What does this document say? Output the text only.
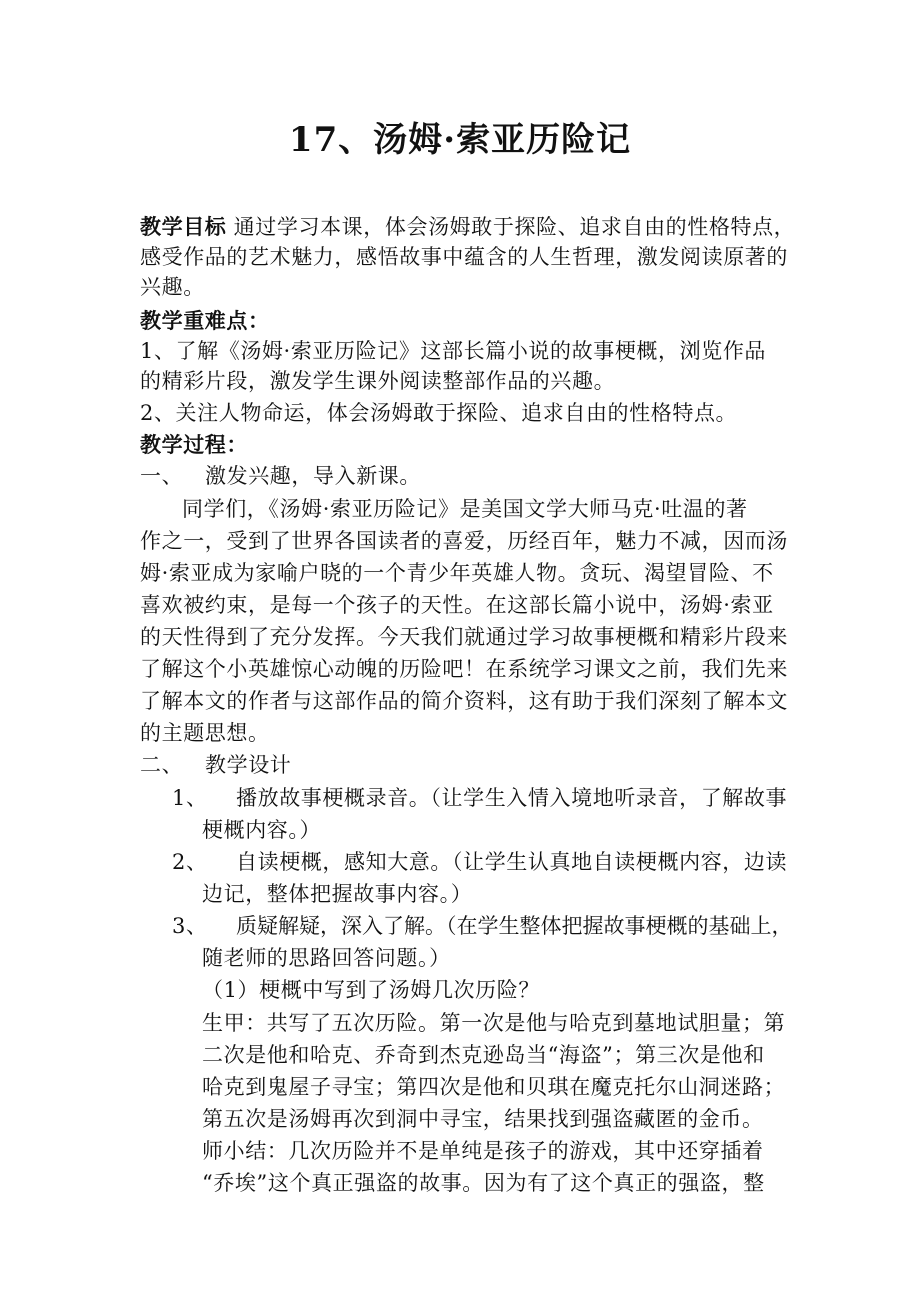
17、汤姆·索亚历险记
教学目标 通过学习本课，体会汤姆敢于探险、追求自由的性格特点，
感受作品的艺术魅力，感悟故事中蕴含的人生哲理，激发阅读原著的
兴趣。
教学重难点：
1、了解《汤姆·索亚历险记》这部长篇小说的故事梗概，浏览作品
的精彩片段，激发学生课外阅读整部作品的兴趣。
2、关注人物命运，体会汤姆敢于探险、追求自由的性格特点。
教学过程：
一、 激发兴趣，导入新课。
同学们，《汤姆·索亚历险记》是美国文学大师马克·吐温的著
作之一，受到了世界各国读者的喜爱，历经百年，魅力不减，因而汤
姆·索亚成为家喻户晓的一个青少年英雄人物。贪玩、渴望冒险、不
喜欢被约束，是每一个孩子的天性。在这部长篇小说中，汤姆·索亚
的天性得到了充分发挥。今天我们就通过学习故事梗概和精彩片段来
了解这个小英雄惊心动魄的历险吧！在系统学习课文之前，我们先来
了解本文的作者与这部作品的简介资料，这有助于我们深刻了解本文
的主题思想。
二、 教学设计
1、 播放故事梗概录音。（让学生入情入境地听录音，了解故事
梗概内容。）
2、 自读梗概，感知大意。（让学生认真地自读梗概内容，边读
边记，整体把握故事内容。）
3、 质疑解疑，深入了解。（在学生整体把握故事梗概的基础上，
随老师的思路回答问题。）
（1）梗概中写到了汤姆几次历险？
生甲：共写了五次历险。第一次是他与哈克到墓地试胆量；第
二次是他和哈克、乔奇到杰克逊岛当“海盗”；第三次是他和
哈克到鬼屋子寻宝；第四次是他和贝琪在魔克托尔山洞迷路；
第五次是汤姆再次到洞中寻宝，结果找到强盗藏匿的金币。
师小结：几次历险并不是单纯是孩子的游戏，其中还穿插着
“乔埃”这个真正强盗的故事。因为有了这个真正的强盗，整
